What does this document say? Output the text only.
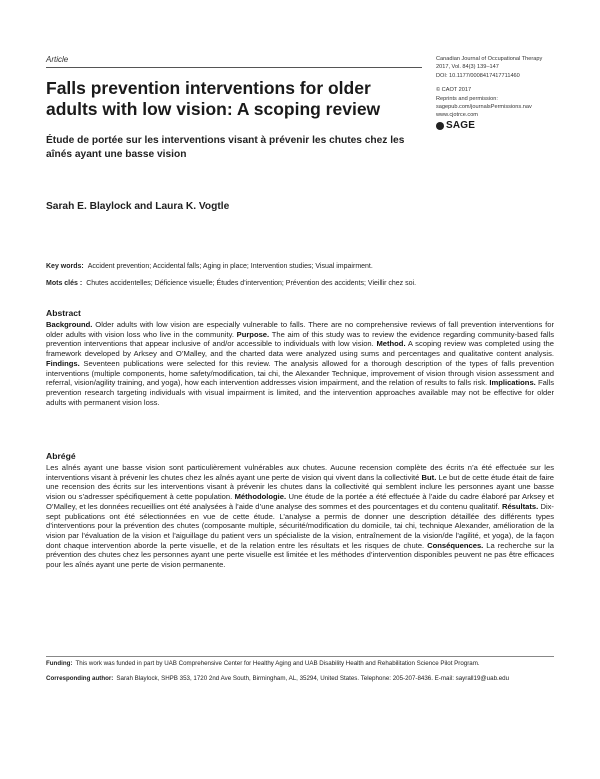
Article	Canadian Journal of Occupational Therapy
2017, Vol. 84(3) 139–147
DOI: 10.1177/0008417417711460
© CAOT 2017
Reprints and permission:
sagepub.com/journalsPermissions.nav
www.cjotrce.com
SAGE
Falls prevention interventions for older adults with low vision: A scoping review
Étude de portée sur les interventions visant à prévenir les chutes chez les aînés ayant une basse vision
Sarah E. Blaylock and Laura K. Vogtle
Key words: Accident prevention; Accidental falls; Aging in place; Intervention studies; Visual impairment.
Mots clés : Chutes accidentelles; Déficience visuelle; Études d’intervention; Prévention des accidents; Vieillir chez soi.
Abstract

Background. Older adults with low vision are especially vulnerable to falls. There are no comprehensive reviews of fall prevention interventions for older adults with vision loss who live in the community. Purpose. The aim of this study was to review the evidence regarding community-based falls prevention interventions that appear inclusive of and/or accessible to individuals with low vision. Method. A scoping review was completed using the framework developed by Arksey and O’Malley, and the charted data were analyzed using sums and percentages and qualitative content analysis. Findings. Seventeen publications were selected for this review. The analysis allowed for a thorough description of the types of falls prevention interventions (multiple components, home safety/modification, tai chi, the Alexander Technique, improvement of vision through vision assessment and referral, vision/agility training, and yoga), how each intervention addresses vision impairment, and the relation of results to falls risk. Implications. Falls prevention research targeting individuals with visual impairment is limited, and the intervention approaches available may not be effective for older adults with permanent vision loss.

Abrégé

Les aînés ayant une basse vision sont particulièrement vulnérables aux chutes. Aucune recension complète des écrits n’a été effectuée sur les interventions visant à prévenir les chutes chez les aînés ayant une perte de vision qui vivent dans la collectivité But. Le but de cette étude était de faire une recension des écrits sur les interventions visant à prévenir les chutes dans la collectivité qui semblent inclure les personnes ayant une basse vision ou s’adresser spécifiquement à cette population. Méthodologie. Une étude de la portée a été effectuée à l’aide du cadre élaboré par Arksey et O’Malley, et les données recueillies ont été analysées à l’aide d’une analyse des sommes et des pourcentages et du contenu qualitatif. Résultats. Dix-sept publications ont été sélectionnées en vue de cette étude. L’analyse a permis de donner une description détaillée des différents types d’interventions pour la prévention des chutes (composante multiple, sécurité/modification du domicile, tai chi, technique Alexander, amélioration de la vision par l’évaluation de la vision et l’aiguillage du patient vers un spécialiste de la vision, entraînement de la vision/de l’agilité, et yoga), de la façon dont chaque intervention aborde la perte visuelle, et de la relation entre les résultats et les risques de chute. Conséquences. La recherche sur la prévention des chutes chez les personnes ayant une perte visuelle est limitée et les méthodes d’intervention disponibles peuvent ne pas être efficaces pour les aînés ayant une perte de vision permanente.

Funding: This work was funded in part by UAB Comprehensive Center for Healthy Aging and UAB Disability Health and Rehabilitation Science Pilot Program.
Corresponding author: Sarah Blaylock, SHPB 353, 1720 2nd Ave South, Birmingham, AL, 35294, United States. Telephone: 205-207-8436. E-mail: sayrall19@uab.edu
